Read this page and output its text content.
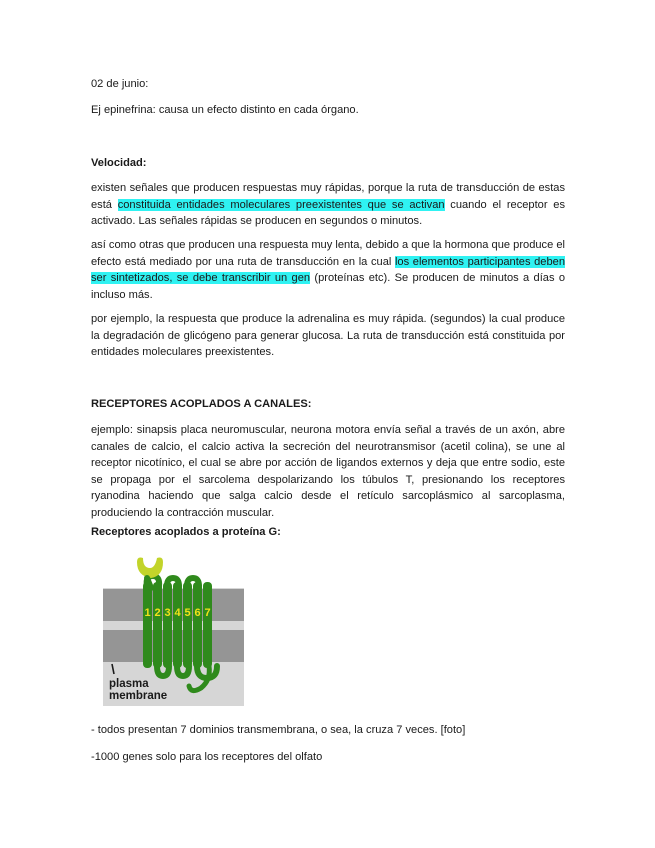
02 de junio:

Ej epinefrina: causa un efecto distinto en cada órgano.

Velocidad:

existen señales que producen respuestas muy rápidas, porque la ruta de transducción de estas está constituida entidades moleculares preexistentes que se activan cuando el receptor es activado. Las señales rápidas se producen en segundos o minutos.

así como otras que producen una respuesta muy lenta, debido a que la hormona que produce el efecto está mediado por una ruta de transducción en la cual los elementos participantes deben ser sintetizados, se debe transcribir un gen (proteínas etc). Se producen de minutos a días o incluso más.

por ejemplo, la respuesta que produce la adrenalina es muy rápida. (segundos) la cual produce la degradación de glicógeno para generar glucosa. La ruta de transducción está constituida por entidades moleculares preexistentes.

RECEPTORES ACOPLADOS A CANALES:

ejemplo: sinapsis placa neuromuscular, neurona motora envía señal a través de un axón, abre canales de calcio, el calcio activa la secreción del neurotransmisor (acetil colina), se une al receptor nicotínico, el cual se abre por acción de ligandos externos y deja que entre sodio, este se propaga por el sarcolema despolarizando los túbulos T, presionando los receptores ryanodina haciendo que salga calcio desde el retículo sarcoplásmico al sarcoplasma, produciendo la contracción muscular.

Receptores acoplados a proteína G:

1 2 3 4 5 6 7
plasma
membrane

- todos presentan 7 dominios transmembrana, o sea, la cruza 7 veces. [foto]

-1000 genes solo para los receptores del olfato
